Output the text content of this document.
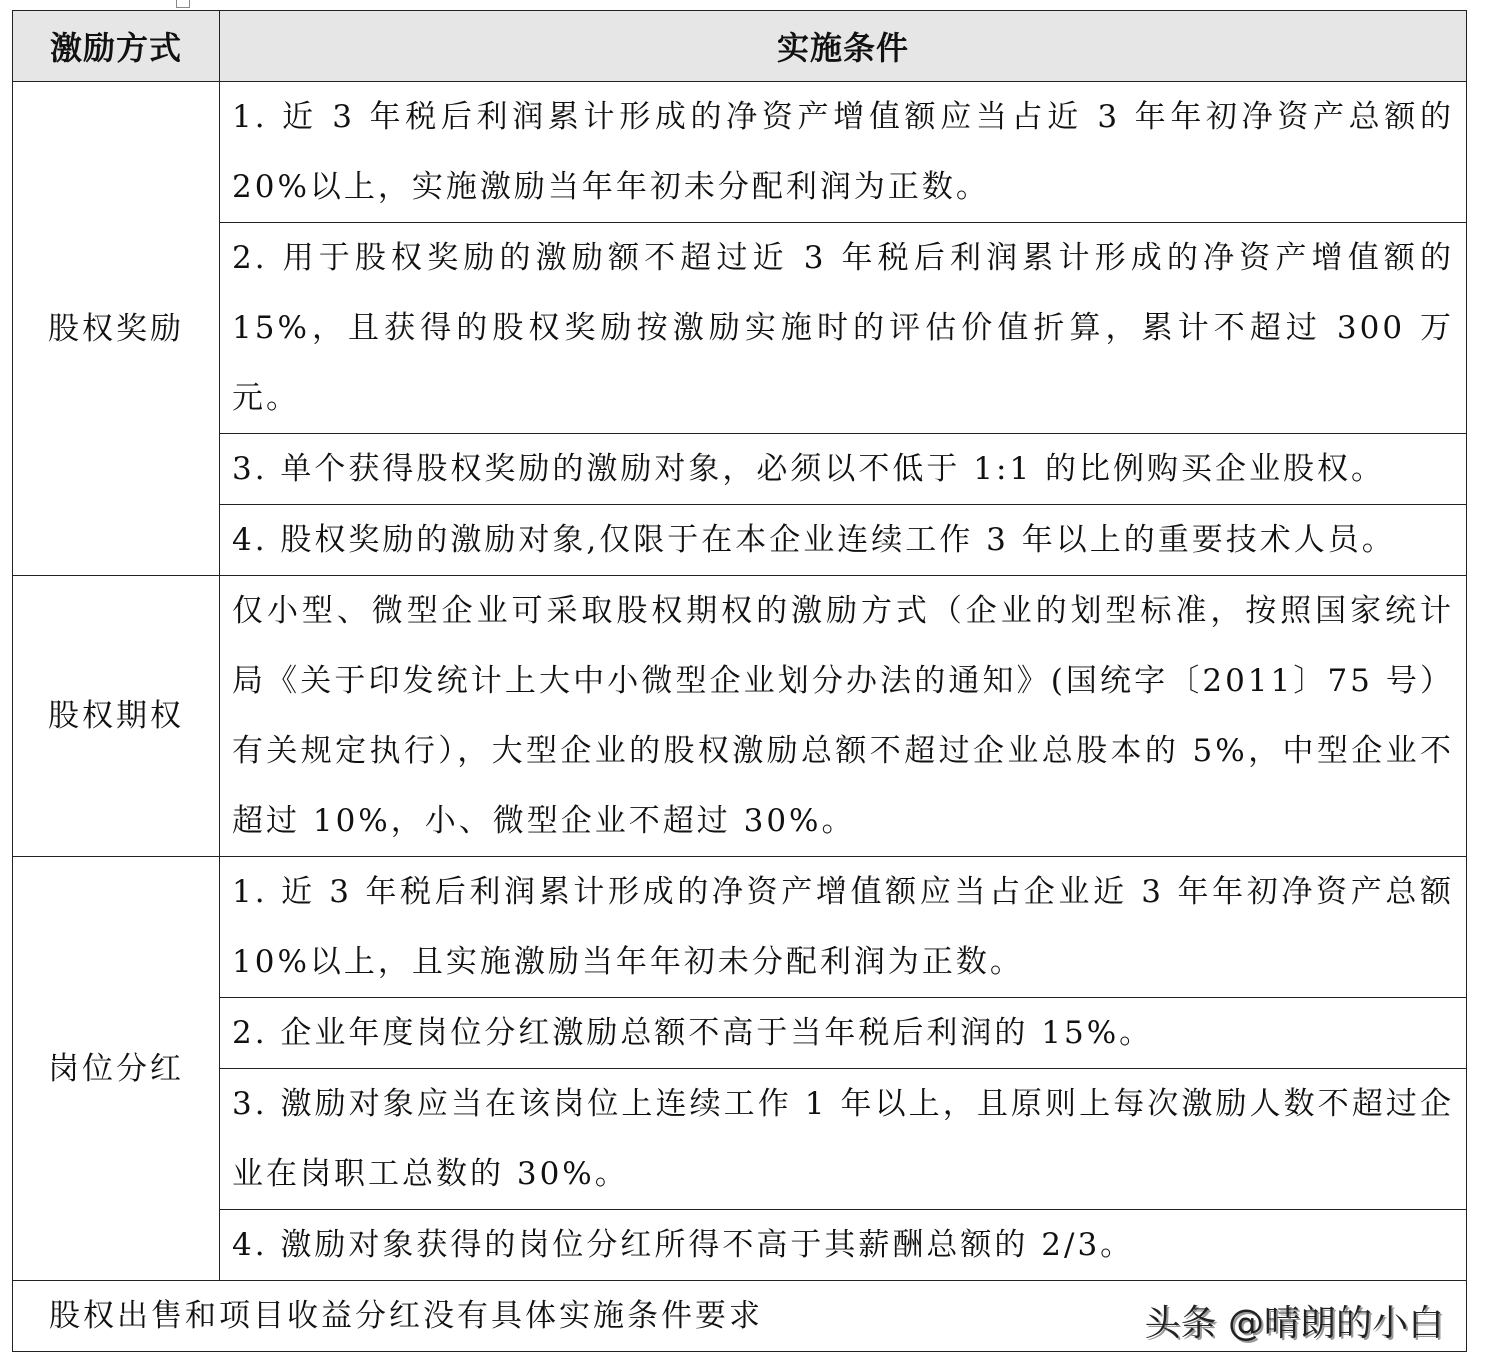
激励方式	实施条件
股权奖励	1. 近 3 年税后利润累计形成的净资产增值额应当占近 3 年年初净资产总额的 20%以上，实施激励当年年初未分配利润为正数。
	2. 用于股权奖励的激励额不超过近 3 年税后利润累计形成的净资产增值额的 15%，且获得的股权奖励按激励实施时的评估价值折算，累计不超过 300 万元。
	3. 单个获得股权奖励的激励对象，必须以不低于 1:1 的比例购买企业股权。
	4. 股权奖励的激励对象,仅限于在本企业连续工作 3 年以上的重要技术人员。
股权期权	仅小型、微型企业可采取股权期权的激励方式（企业的划型标准，按照国家统计局《关于印发统计上大中小微型企业划分办法的通知》(国统字〔2011〕75 号）有关规定执行），大型企业的股权激励总额不超过企业总股本的 5%，中型企业不超过 10%，小、微型企业不超过 30%。
岗位分红	1. 近 3 年税后利润累计形成的净资产增值额应当占企业近 3 年年初净资产总额 10%以上，且实施激励当年年初未分配利润为正数。
	2. 企业年度岗位分红激励总额不高于当年税后利润的 15%。
	3. 激励对象应当在该岗位上连续工作 1 年以上，且原则上每次激励人数不超过企业在岗职工总数的 30%。
	4. 激励对象获得的岗位分红所得不高于其薪酬总额的 2/3。
股权出售和项目收益分红没有具体实施条件要求 头条 @晴朗的小白	
